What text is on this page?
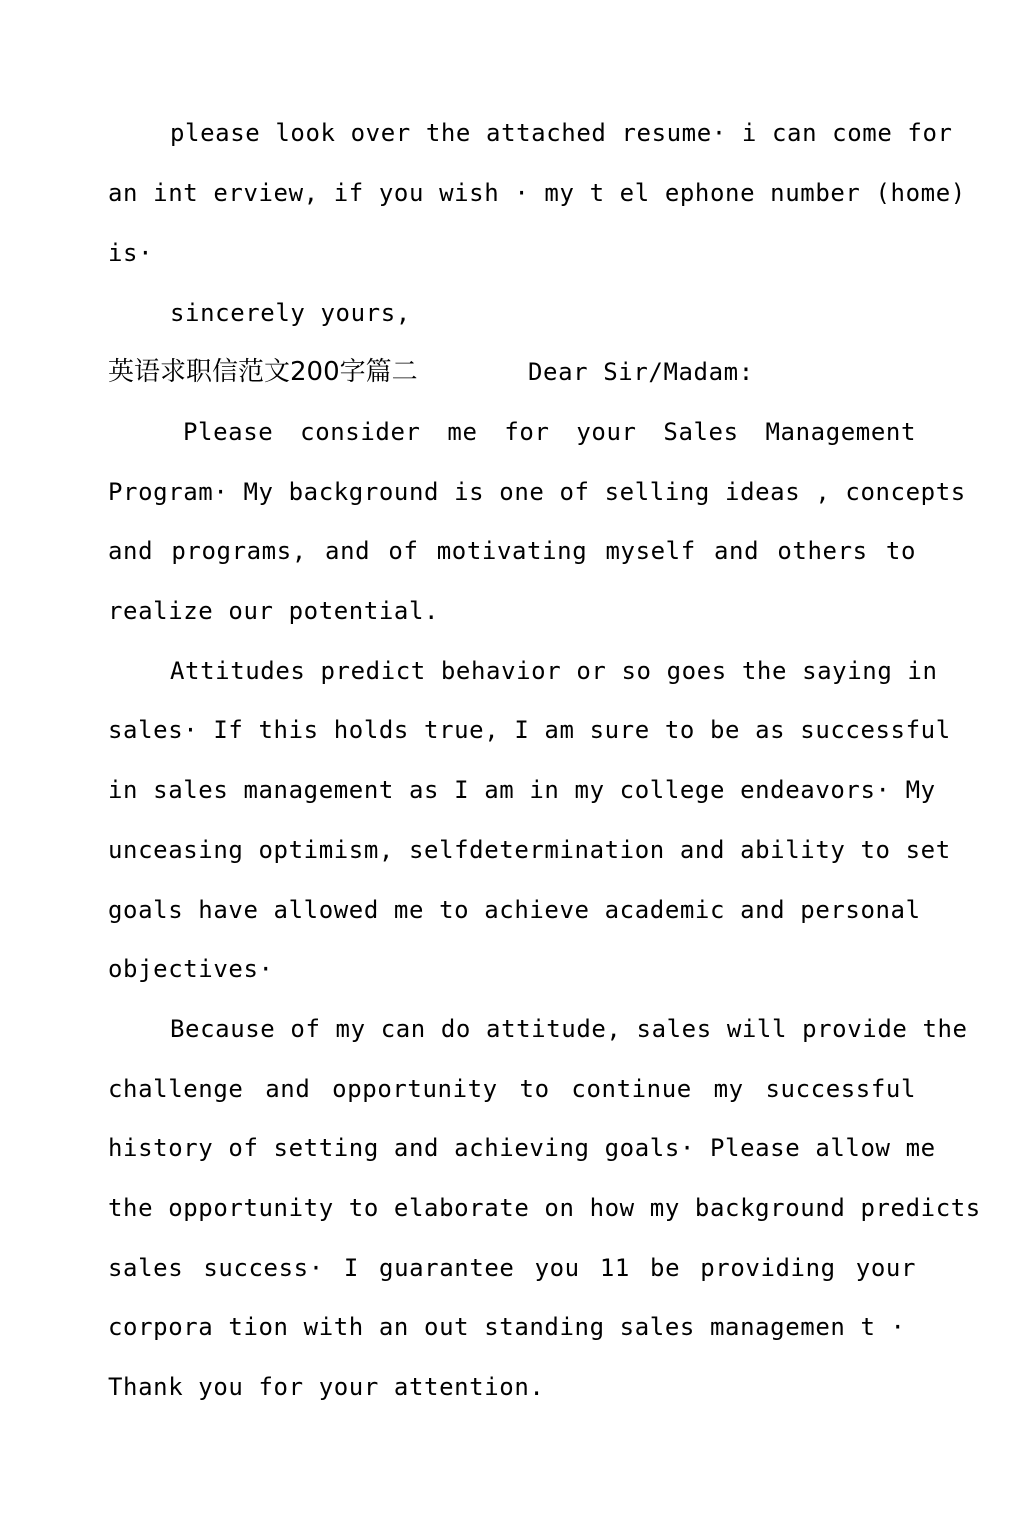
please look over the attached resume· i can come for
an int erview, if you wish · my t el ephone number (home)
is·
sincerely yours,
英语求职信范文200字篇二	Dear Sir/Madam:
Please consider me for your Sales Management
Program· My background is one of selling ideas , concepts
and programs, and of motivating myself and others to
realize our potential.
Attitudes predict behavior or so goes the saying in
sales· If this holds true, I am sure to be as successful
in sales management as I am in my college endeavors· My
unceasing optimism, selfdetermination and ability to set
goals have allowed me to achieve academic and personal
objectives·
Because of my can do attitude, sales will provide the
challenge and opportunity to continue my successful
history of setting and achieving goals· Please allow me
the opportunity to elaborate on how my background predicts
sales success· I guarantee you 11 be providing your
corpora tion with an out standing sales managemen t ·
Thank you for your attention.
